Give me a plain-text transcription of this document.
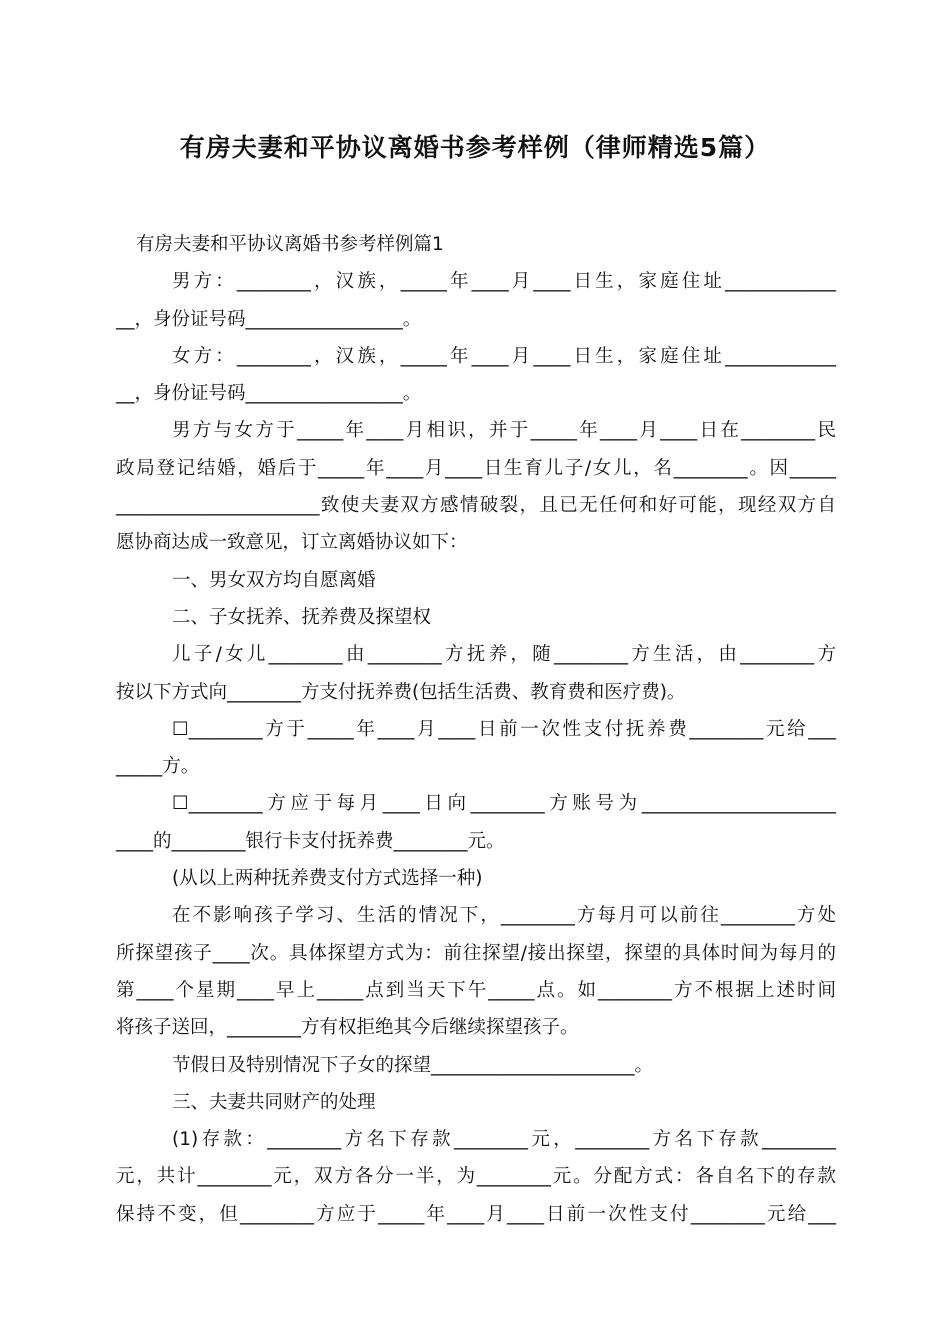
有房夫妻和平协议离婚书参考样例（律师精选5篇）
有房夫妻和平协议离婚书参考样例篇1
男方：________，汉族，_____年____月____日生，家庭住址____________
__，身份证号码_________________。
女方：________，汉族，_____年____月____日生，家庭住址____________
__，身份证号码_________________。
男方与女方于_____年____月相识，并于_____年____月____日在________民
政局登记结婚，婚后于_____年____月____日生育儿子/女儿，名________。因_____
______________________致使夫妻双方感情破裂，且已无任何和好可能，现经双方自
愿协商达成一致意见，订立离婚协议如下：
一、男女双方均自愿离婚
二、子女抚养、抚养费及探望权
儿子/女儿________由________方抚养，随________方生活，由________方
按以下方式向________方支付抚养费(包括生活费、教育费和医疗费)。
☐________方于_____年____月____日前一次性支付抚养费________元给___
_____方。
☐________方应于每月____日向________方账号为_____________________
____的________银行卡支付抚养费________元。
(从以上两种抚养费支付方式选择一种)
在不影响孩子学习、生活的情况下，________方每月可以前往________方处
所探望孩子____次。具体探望方式为：前往探望/接出探望，探望的具体时间为每月的
第____个星期____早上_____点到当天下午_____点。如________方不根据上述时间
将孩子送回，________方有权拒绝其今后继续探望孩子。
节假日及特别情况下子女的探望______________________。
三、夫妻共同财产的处理
(1)存款：________方名下存款________元，________方名下存款________
元，共计________元，双方各分一半，为________元。分配方式：各自名下的存款
保持不变，但________方应于_____年____月____日前一次性支付________元给___
